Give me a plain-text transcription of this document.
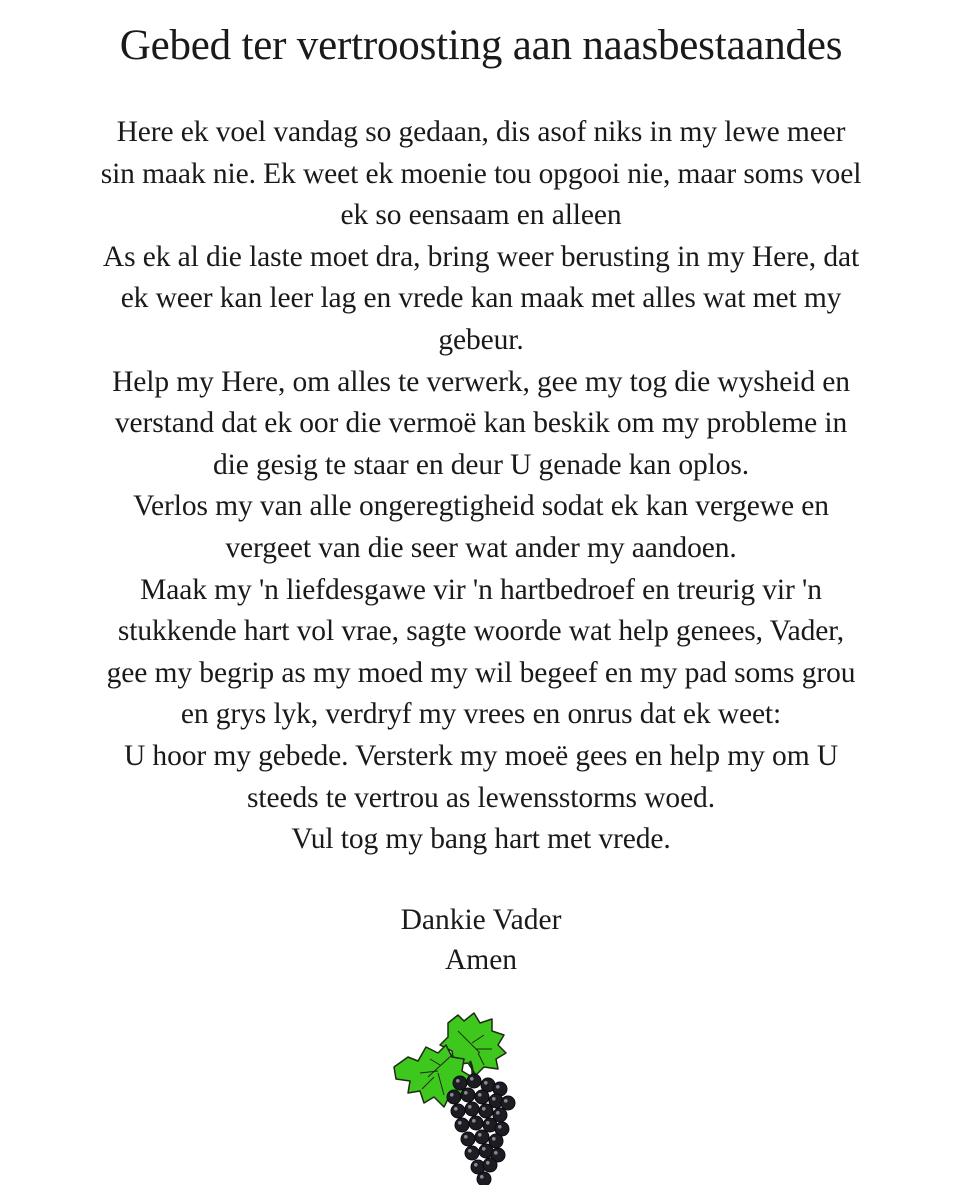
Gebed ter vertroosting aan naasbestaandes
Here ek voel vandag so gedaan, dis asof niks in my lewe meer
sin maak nie. Ek weet ek moenie tou opgooi nie, maar soms voel
ek so eensaam en alleen
As ek al die laste moet dra, bring weer berusting in my Here, dat
ek weer kan leer lag en vrede kan maak met alles wat met my
gebeur.
Help my Here, om alles te verwerk, gee my tog die wysheid en
verstand dat ek oor die vermoë kan beskik om my probleme in
die gesig te staar en deur U genade kan oplos.
Verlos my van alle ongeregtigheid sodat ek kan vergewe en
vergeet van die seer wat ander my aandoen.
Maak my 'n liefdesgawe vir 'n hartbedroef en treurig vir 'n
stukkende hart vol vrae, sagte woorde wat help genees, Vader,
gee my begrip as my moed my wil begeef en my pad soms grou
en grys lyk, verdryf my vrees en onrus dat ek weet:
U hoor my gebede. Versterk my moeë gees en help my om U
steeds te vertrou as lewensstorms woed.
Vul tog my bang hart met vrede.
Dankie Vader
Amen
